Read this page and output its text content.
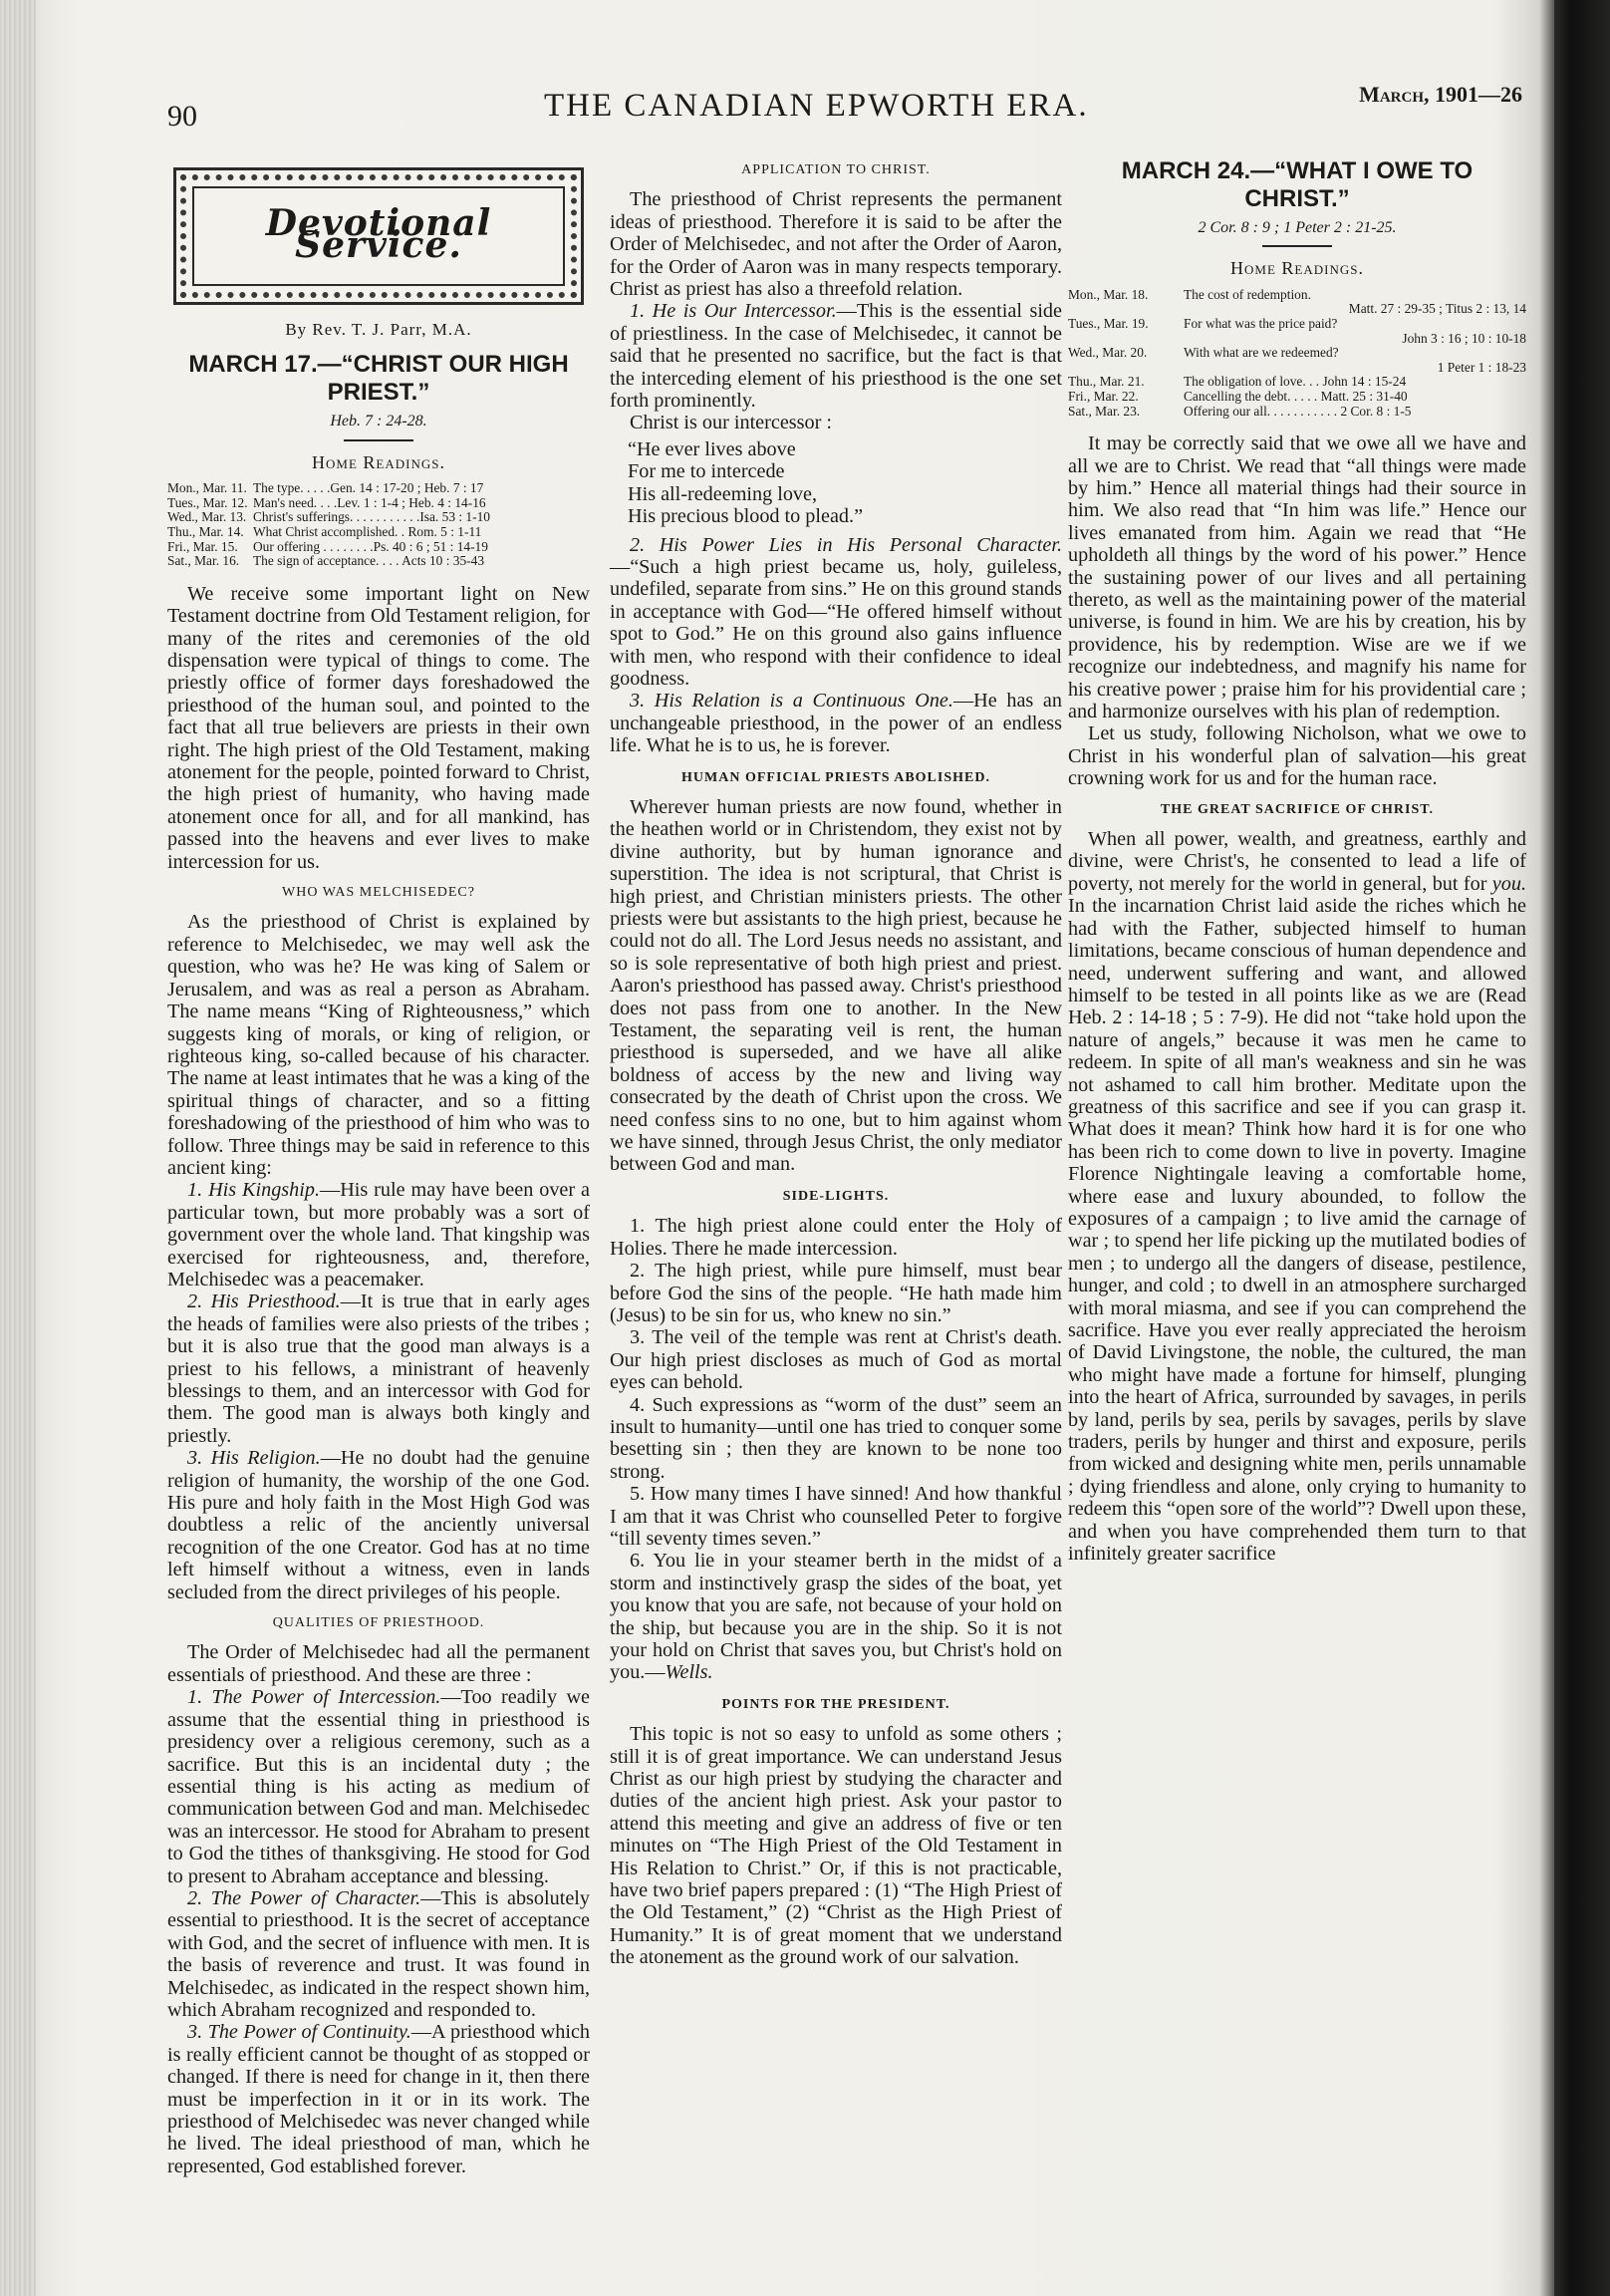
90	THE CANADIAN EPWORTH ERA.	March, 1901—26
Devotional Service.
By Rev. T. J. Parr, M.A.
MARCH 17.—“CHRIST OUR HIGH PRIEST.”
Heb. 7 : 24-28.
Home Readings.
Mon., Mar. 11. The type. . . . .Gen. 14 : 17-20 ; Heb. 7 : 17
Tues., Mar. 12. Man's need. . . .Lev. 1 : 1-4 ; Heb. 4 : 14-16
Wed., Mar. 13. Christ's sufferings. . . . . . . . . . .Isa. 53 : 1-10
Thu., Mar. 14. What Christ accomplished. . Rom. 5 : 1-11
Fri., Mar. 15.	Our offering . . . . . . . .Ps. 40 : 6 ; 51 : 14-19
Sat., Mar. 16.	The sign of acceptance. . . . Acts 10 : 35-43

We receive some important light on New Testament doctrine from Old Testament religion, for many of the rites and ceremonies of the old dispensation were typical of things to come. The priestly office of former days foreshadowed the priesthood of the human soul, and pointed to the fact that all true believers are priests in their own right. The high priest of the Old Testament, making atonement for the people, pointed forward to Christ, the high priest of humanity, who having made atonement once for all, and for all mankind, has passed into the heavens and ever lives to make intercession for us.

WHO WAS MELCHISEDEC?

As the priesthood of Christ is explained by reference to Melchisedec, we may well ask the question, who was he? He was king of Salem or Jerusalem, and was as real a person as Abraham. The name means “King of Righteousness,” which suggests king of morals, or king of religion, or righteous king, so-called because of his character. The name at least intimates that he was a king of the spiritual things of character, and so a fitting foreshadowing of the priesthood of him who was to follow. Three things may be said in reference to this ancient king:

1. His Kingship.—His rule may have been over a particular town, but more probably was a sort of government over the whole land. That kingship was exercised for righteousness, and, therefore, Melchisedec was a peacemaker.

2. His Priesthood.—It is true that in early ages the heads of families were also priests of the tribes ; but it is also true that the good man always is a priest to his fellows, a ministrant of heavenly blessings to them, and an intercessor with God for them. The good man is always both kingly and priestly.

3. His Religion.—He no doubt had the genuine religion of humanity, the worship of the one God. His pure and holy faith in the Most High God was doubtless a relic of the anciently universal recognition of the one Creator. God has at no time left himself without a witness, even in lands secluded from the direct privileges of his people.

QUALITIES OF PRIESTHOOD.

The Order of Melchisedec had all the permanent essentials of priesthood. And these are three :

1. The Power of Intercession.—Too readily we assume that the essential thing in priesthood is presidency over a religious ceremony, such as a sacrifice. But this is an incidental duty ; the essential thing is his acting as medium of communication between God and man. Melchisedec was an intercessor. He stood for Abraham to present to God the tithes of thanksgiving. He stood for God to present to Abraham acceptance and blessing.

2. The Power of Character.—This is absolutely essential to priesthood. It is the secret of acceptance with God, and the secret of influence with men. It is the basis of reverence and trust. It was found in Melchisedec, as indicated in the respect shown him, which Abraham recognized and responded to.

3. The Power of Continuity.—A priesthood which is really efficient cannot be thought of as stopped or changed. If there is need for change in it, then there must be imperfection in it or in its work. The priesthood of Melchisedec was never changed while he lived. The ideal priesthood of man, which he represented, God established forever.

APPLICATION TO CHRIST.

The priesthood of Christ represents the permanent ideas of priesthood. Therefore it is said to be after the Order of Melchisedec, and not after the Order of Aaron, for the Order of Aaron was in many respects temporary. Christ as priest has also a threefold relation.

1. He is Our Intercessor.—This is the essential side of priestliness. In the case of Melchisedec, it cannot be said that he presented no sacrifice, but the fact is that the interceding element of his priesthood is the one set forth prominently.

Christ is our intercessor :

“He ever lives above
For me to intercede
His all-redeeming love,
His precious blood to plead.”

2. His Power Lies in His Personal Character.—“Such a high priest became us, holy, guileless, undefiled, separate from sins.” He on this ground stands in acceptance with God—“He offered himself without spot to God.” He on this ground also gains influence with men, who respond with their confidence to ideal goodness.

3. His Relation is a Continuous One.—He has an unchangeable priesthood, in the power of an endless life. What he is to us, he is forever.

HUMAN OFFICIAL PRIESTS ABOLISHED.

Wherever human priests are now found, whether in the heathen world or in Christendom, they exist not by divine authority, but by human ignorance and superstition. The idea is not scriptural, that Christ is high priest, and Christian ministers priests. The other priests were but assistants to the high priest, because he could not do all. The Lord Jesus needs no assistant, and so is sole representative of both high priest and priest. Aaron's priesthood has passed away. Christ's priesthood does not pass from one to another. In the New Testament, the separating veil is rent, the human priesthood is superseded, and we have all alike boldness of access by the new and living way consecrated by the death of Christ upon the cross. We need confess sins to no one, but to him against whom we have sinned, through Jesus Christ, the only mediator between God and man.

SIDE-LIGHTS.

1. The high priest alone could enter the Holy of Holies. There he made intercession.

2. The high priest, while pure himself, must bear before God the sins of the people. “He hath made him (Jesus) to be sin for us, who knew no sin.”

3. The veil of the temple was rent at Christ's death. Our high priest discloses as much of God as mortal eyes can behold.

4. Such expressions as “worm of the dust” seem an insult to humanity—until one has tried to conquer some besetting sin ; then they are known to be none too strong.

5. How many times I have sinned! And how thankful I am that it was Christ who counselled Peter to forgive “till seventy times seven.”

6. You lie in your steamer berth in the midst of a storm and instinctively grasp the sides of the boat, yet you know that you are safe, not because of your hold on the ship, but because you are in the ship. So it is not your hold on Christ that saves you, but Christ's hold on you.—Wells.

POINTS FOR THE PRESIDENT.

This topic is not so easy to unfold as some others ; still it is of great importance. We can understand Jesus Christ as our high priest by studying the character and duties of the ancient high priest. Ask your pastor to attend this meeting and give an address of five or ten minutes on “The High Priest of the Old Testament in His Relation to Christ.” Or, if this is not practicable, have two brief papers prepared : (1) “The High Priest of the Old Testament,” (2) “Christ as the High Priest of Humanity.” It is of great moment that we understand the atonement as the ground work of our salvation.

MARCH 24.—“WHAT I OWE TO CHRIST.”
2 Cor. 8 : 9 ; 1 Peter 2 : 21-25.
Home Readings.
Mon., Mar. 18.	The cost of redemption.
Matt. 27 : 29-35 ; Titus 2 : 13, 14
Tues., Mar. 19.	For what was the price paid?
John 3 : 16 ; 10 : 10-18
Wed., Mar. 20.	With what are we redeemed?
1 Peter 1 : 18-23
Thu., Mar. 21.	The obligation of love. . . John 14 : 15-24
Fri., Mar. 22.	Cancelling the debt. . . . . Matt. 25 : 31-40
Sat., Mar. 23.	Offering our all. . . . . . . . . . . 2 Cor. 8 : 1-5

It may be correctly said that we owe all we have and all we are to Christ. We read that “all things were made by him.” Hence all material things had their source in him. We also read that “In him was life.” Hence our lives emanated from him. Again we read that “He upholdeth all things by the word of his power.” Hence the sustaining power of our lives and all pertaining thereto, as well as the maintaining power of the material universe, is found in him. We are his by creation, his by providence, his by redemption. Wise are we if we recognize our indebtedness, and magnify his name for his creative power ; praise him for his providential care ; and harmonize ourselves with his plan of redemption.

Let us study, following Nicholson, what we owe to Christ in his wonderful plan of salvation—his great crowning work for us and for the human race.

THE GREAT SACRIFICE OF CHRIST.

When all power, wealth, and greatness, earthly and divine, were Christ's, he consented to lead a life of poverty, not merely for the world in general, but for you. In the incarnation Christ laid aside the riches which he had with the Father, subjected himself to human limitations, became conscious of human dependence and need, underwent suffering and want, and allowed himself to be tested in all points like as we are (Read Heb. 2 : 14-18 ; 5 : 7-9). He did not “take hold upon the nature of angels,” because it was men he came to redeem. In spite of all man's weakness and sin he was not ashamed to call him brother. Meditate upon the greatness of this sacrifice and see if you can grasp it. What does it mean? Think how hard it is for one who has been rich to come down to live in poverty. Imagine Florence Nightingale leaving a comfortable home, where ease and luxury abounded, to follow the exposures of a campaign ; to live amid the carnage of war ; to spend her life picking up the mutilated bodies of men ; to undergo all the dangers of disease, pestilence, hunger, and cold ; to dwell in an atmosphere surcharged with moral miasma, and see if you can comprehend the sacrifice. Have you ever really appreciated the heroism of David Livingstone, the noble, the cultured, the man who might have made a fortune for himself, plunging into the heart of Africa, surrounded by savages, in perils by land, perils by sea, perils by savages, perils by slave traders, perils by hunger and thirst and exposure, perils from wicked and designing white men, perils unnamable ; dying friendless and alone, only crying to humanity to redeem this “open sore of the world”? Dwell upon these, and when you have comprehended them turn to that infinitely greater sacrifice
